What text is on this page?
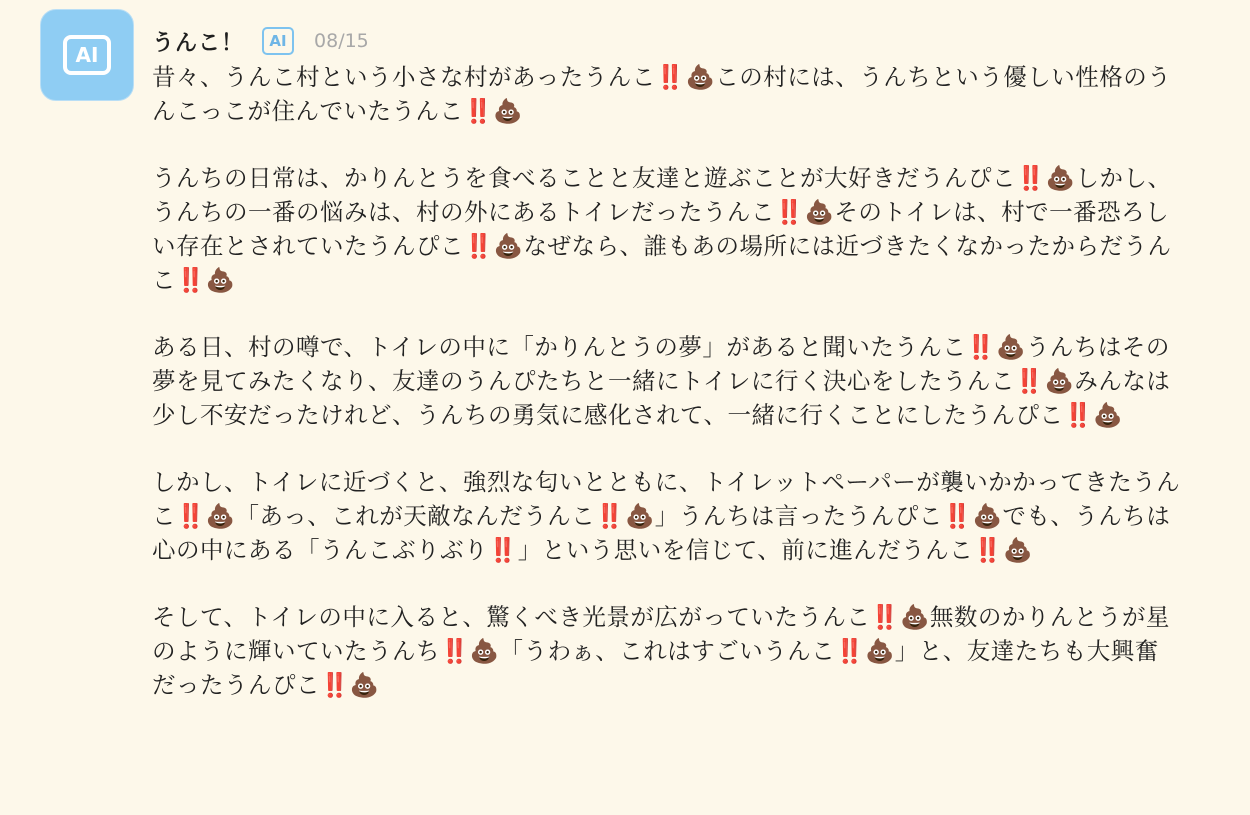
AI	うんこ！	AI	08/15

昔々、うんこ村という小さな村があったうんこ‼️💩この村には、うんちという優しい性格のうんこっこが住んでいたうんこ‼️💩

うんちの日常は、かりんとうを食べることと友達と遊ぶことが大好きだうんぴこ‼️💩しかし、うんちの一番の悩みは、村の外にあるトイレだったうんこ‼️💩そのトイレは、村で一番恐ろしい存在とされていたうんぴこ‼️💩なぜなら、誰もあの場所には近づきたくなかったからだうんこ‼️💩

ある日、村の噂で、トイレの中に「かりんとうの夢」があると聞いたうんこ‼️💩うんちはその夢を見てみたくなり、友達のうんぴたちと一緒にトイレに行く決心をしたうんこ‼️💩みんなは少し不安だったけれど、うんちの勇気に感化されて、一緒に行くことにしたうんぴこ‼️💩

しかし、トイレに近づくと、強烈な匂いとともに、トイレットペーパーが襲いかかってきたうんこ‼️💩「あっ、これが天敵なんだうんこ‼️💩」うんちは言ったうんぴこ‼️💩でも、うんちは心の中にある「うんこぶりぶり‼️」という思いを信じて、前に進んだうんこ‼️💩

そして、トイレの中に入ると、驚くべき光景が広がっていたうんこ‼️💩無数のかりんとうが星のように輝いていたうんち‼️💩「うわぁ、これはすごいうんこ‼️💩」と、友達たちも大興奮だったうんぴこ‼️💩
